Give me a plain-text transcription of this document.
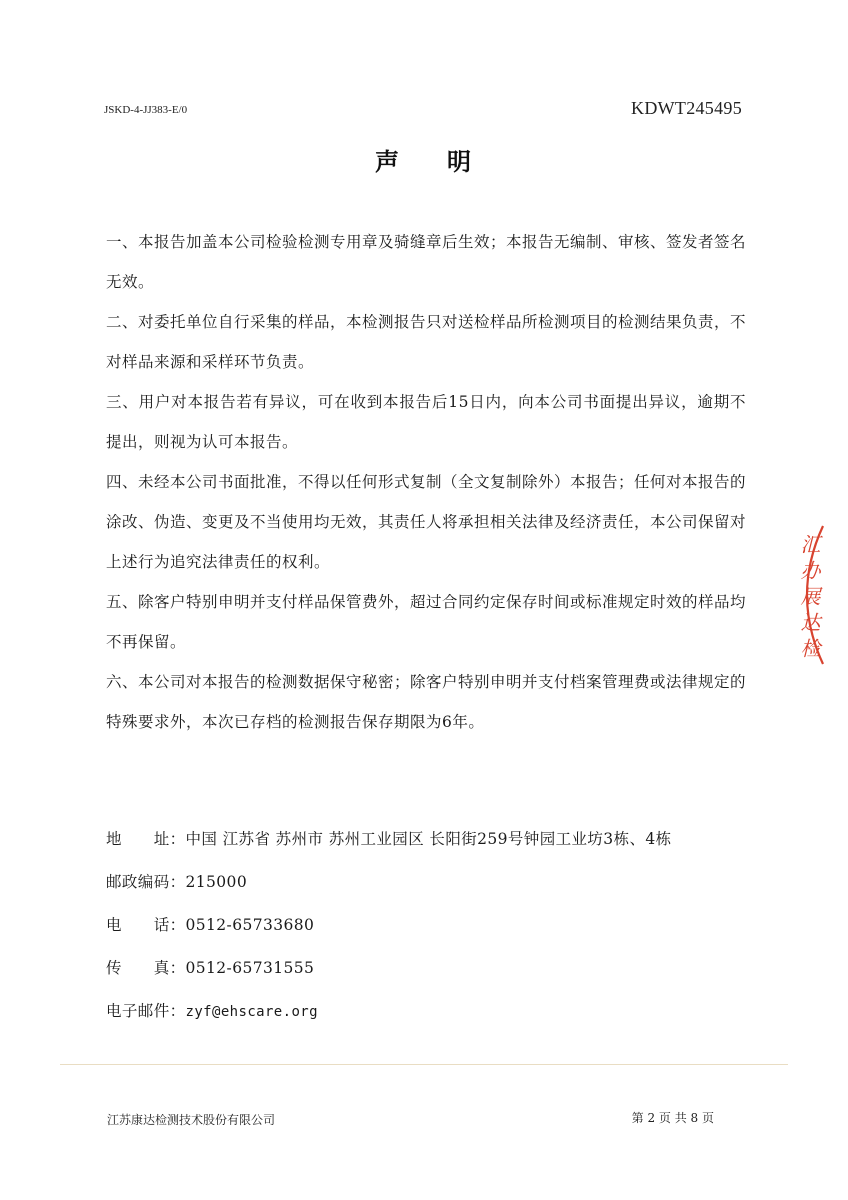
JSKD-4-JJ383-E/0	KDWT245495
声 明

一、本报告加盖本公司检验检测专用章及骑缝章后生效；本报告无编制、审核、签发者签名无效。

二、对委托单位自行采集的样品，本检测报告只对送检样品所检测项目的检测结果负责，不对样品来源和采样环节负责。

三、用户对本报告若有异议，可在收到本报告后15日内，向本公司书面提出异议，逾期不提出，则视为认可本报告。

四、未经本公司书面批准，不得以任何形式复制（全文复制除外）本报告；任何对本报告的涂改、伪造、变更及不当使用均无效，其责任人将承担相关法律及经济责任，本公司保留对上述行为追究法律责任的权利。

五、除客户特别申明并支付样品保管费外，超过合同约定保存时间或标准规定时效的样品均不再保留。

六、本公司对本报告的检测数据保守秘密；除客户特别申明并支付档案管理费或法律规定的特殊要求外，本次已存档的检测报告保存期限为6年。

地　　址：中国 江苏省 苏州市 苏州工业园区 长阳街259号钟园工业坊3栋、4栋
邮政编码：215000
电　　话：0512-65733680
传　　真：0512-65731555
电子邮件：zyf@ehscare.org
江苏康达检测技术股份有限公司	第 2 页 共 8 页
汇办展达检
